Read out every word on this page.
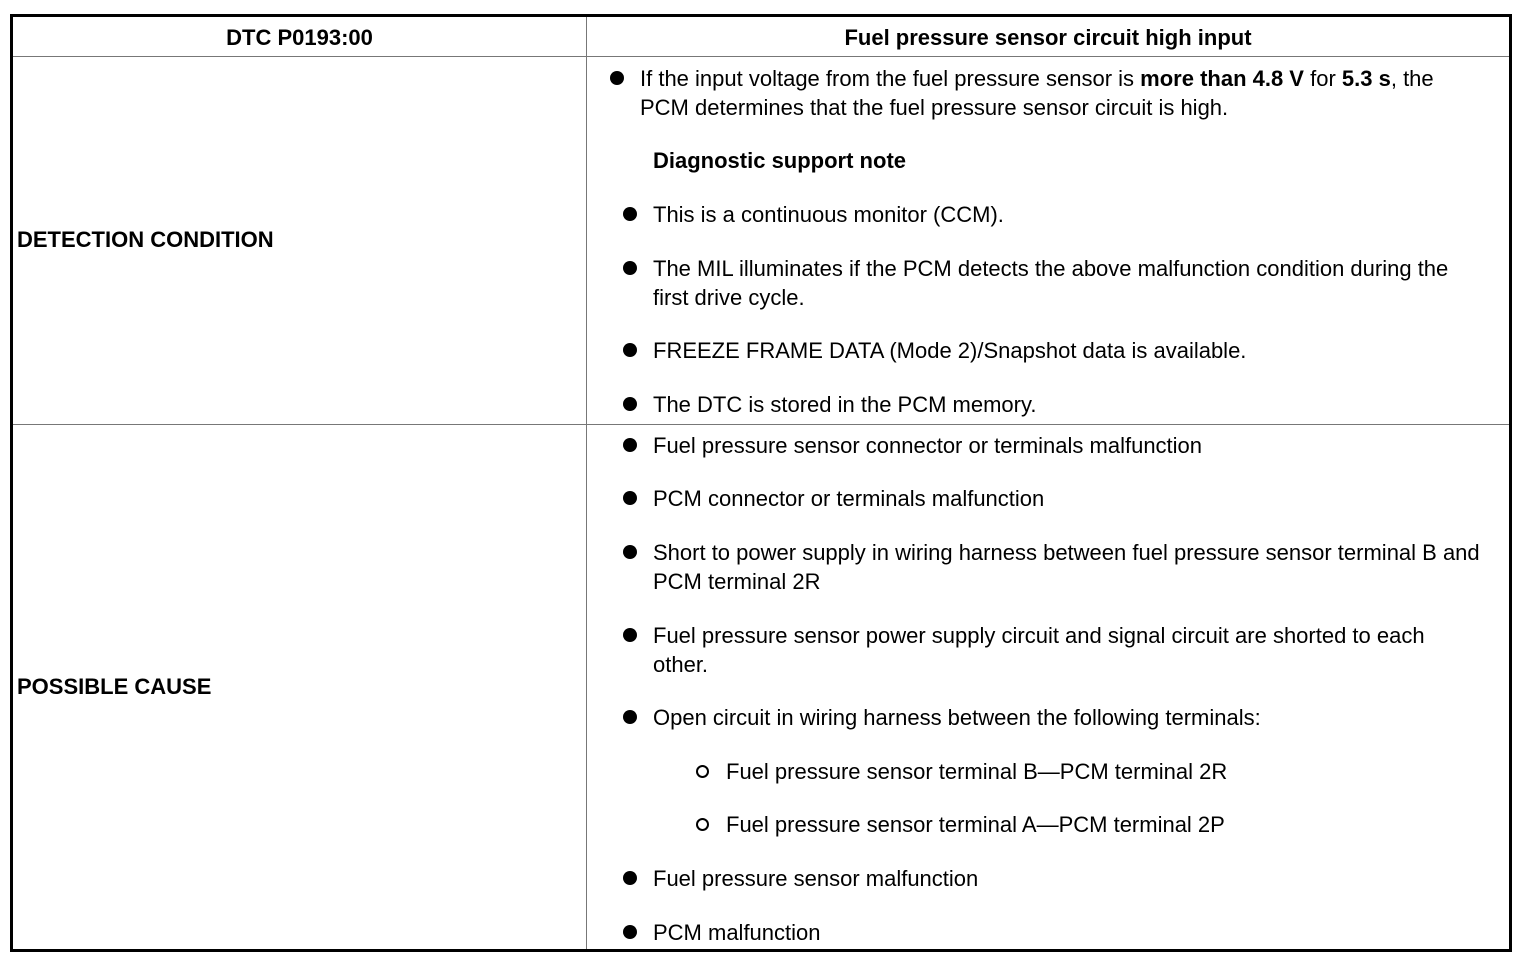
DTC P0193:00	Fuel pressure sensor circuit high input
DETECTION CONDITION
If the input voltage from the fuel pressure sensor is more than 4.8 V for 5.3 s, the PCM determines that the fuel pressure sensor circuit is high.
Diagnostic support note
This is a continuous monitor (CCM).
The MIL illuminates if the PCM detects the above malfunction condition during the first drive cycle.
FREEZE FRAME DATA (Mode 2)/Snapshot data is available.
The DTC is stored in the PCM memory.
POSSIBLE CAUSE
Fuel pressure sensor connector or terminals malfunction
PCM connector or terminals malfunction
Short to power supply in wiring harness between fuel pressure sensor terminal B and PCM terminal 2R
Fuel pressure sensor power supply circuit and signal circuit are shorted to each other.
Open circuit in wiring harness between the following terminals:
Fuel pressure sensor terminal B—PCM terminal 2R
Fuel pressure sensor terminal A—PCM terminal 2P
Fuel pressure sensor malfunction
PCM malfunction
